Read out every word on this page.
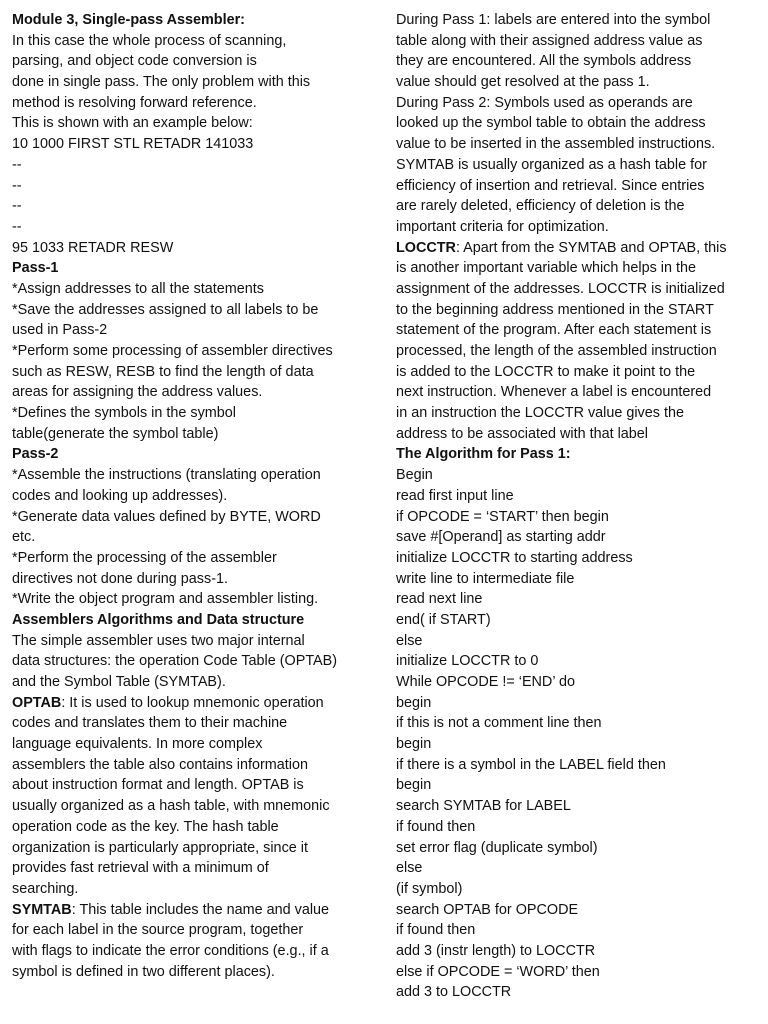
Module 3, Single-pass Assembler:
In this case the whole process of scanning,
parsing, and object code conversion is
done in single pass. The only problem with this
method is resolving forward reference.
This is shown with an example below:
10 1000 FIRST STL RETADR 141033
--
--
--
--
95 1033 RETADR RESW
Pass-1
*Assign addresses to all the statements
*Save the addresses assigned to all labels to be
used in Pass-2
*Perform some processing of assembler directives
such as RESW, RESB to find the length of data
areas for assigning the address values.
*Defines the symbols in the symbol
table(generate the symbol table)
Pass-2
*Assemble the instructions (translating operation
codes and looking up addresses).
*Generate data values defined by BYTE, WORD
etc.
*Perform the processing of the assembler
directives not done during pass-1.
*Write the object program and assembler listing.
Assemblers Algorithms and Data structure
The simple assembler uses two major internal
data structures: the operation Code Table (OPTAB)
and the Symbol Table (SYMTAB).
OPTAB: It is used to lookup mnemonic operation
codes and translates them to their machine
language equivalents. In more complex
assemblers the table also contains information
about instruction format and length. OPTAB is
usually organized as a hash table, with mnemonic
operation code as the key. The hash table
organization is particularly appropriate, since it
provides fast retrieval with a minimum of
searching.
SYMTAB: This table includes the name and value
for each label in the source program, together
with flags to indicate the error conditions (e.g., if a
symbol is defined in two different places).
During Pass 1: labels are entered into the symbol
table along with their assigned address value as
they are encountered. All the symbols address
value should get resolved at the pass 1.
During Pass 2: Symbols used as operands are
looked up the symbol table to obtain the address
value to be inserted in the assembled instructions.
SYMTAB is usually organized as a hash table for
efficiency of insertion and retrieval. Since entries
are rarely deleted, efficiency of deletion is the
important criteria for optimization.
LOCCTR: Apart from the SYMTAB and OPTAB, this
is another important variable which helps in the
assignment of the addresses. LOCCTR is initialized
to the beginning address mentioned in the START
statement of the program. After each statement is
processed, the length of the assembled instruction
is added to the LOCCTR to make it point to the
next instruction. Whenever a label is encountered
in an instruction the LOCCTR value gives the
address to be associated with that label
The Algorithm for Pass 1:
Begin
read first input line
if OPCODE = ‘START’ then begin
save #[Operand] as starting addr
initialize LOCCTR to starting address
write line to intermediate file
read next line
end( if START)
else
initialize LOCCTR to 0
While OPCODE != ‘END’ do
begin
if this is not a comment line then
begin
if there is a symbol in the LABEL field then
begin
search SYMTAB for LABEL
if found then
set error flag (duplicate symbol)
else
(if symbol)
search OPTAB for OPCODE
if found then
add 3 (instr length) to LOCCTR
else if OPCODE = ‘WORD’ then
add 3 to LOCCTR
